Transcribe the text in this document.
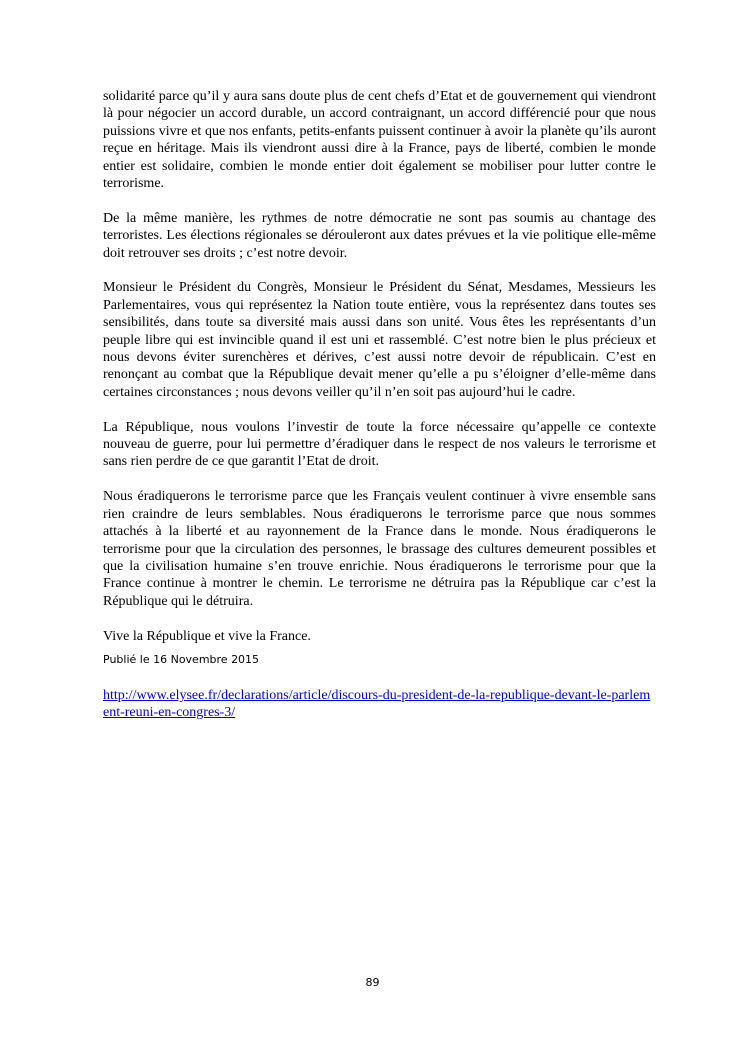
solidarité parce qu’il y aura sans doute plus de cent chefs d’Etat et de gouvernement qui viendront là pour négocier un accord durable, un accord contraignant, un accord différencié pour que nous puissions vivre et que nos enfants, petits-enfants puissent continuer à avoir la planète qu’ils auront reçue en héritage. Mais ils viendront aussi dire à la France, pays de liberté, combien le monde entier est solidaire, combien le monde entier doit également se mobiliser pour lutter contre le terrorisme.

De la même manière, les rythmes de notre démocratie ne sont pas soumis au chantage des terroristes. Les élections régionales se dérouleront aux dates prévues et la vie politique elle-même doit retrouver ses droits ; c’est notre devoir.

Monsieur le Président du Congrès, Monsieur le Président du Sénat, Mesdames, Messieurs les Parlementaires, vous qui représentez la Nation toute entière, vous la représentez dans toutes ses sensibilités, dans toute sa diversité mais aussi dans son unité. Vous êtes les représentants d’un peuple libre qui est invincible quand il est uni et rassemblé. C’est notre bien le plus précieux et nous devons éviter surenchères et dérives, c’est aussi notre devoir de républicain. C’est en renonçant au combat que la République devait mener qu’elle a pu s’éloigner d’elle-même dans certaines circonstances ; nous devons veiller qu’il n’en soit pas aujourd’hui le cadre.

La République, nous voulons l’investir de toute la force nécessaire qu’appelle ce contexte nouveau de guerre, pour lui permettre d’éradiquer dans le respect de nos valeurs le terrorisme et sans rien perdre de ce que garantit l’Etat de droit.

Nous éradiquerons le terrorisme parce que les Français veulent continuer à vivre ensemble sans rien craindre de leurs semblables. Nous éradiquerons le terrorisme parce que nous sommes attachés à la liberté et au rayonnement de la France dans le monde. Nous éradiquerons le terrorisme pour que la circulation des personnes, le brassage des cultures demeurent possibles et que la civilisation humaine s’en trouve enrichie. Nous éradiquerons le terrorisme pour que la France continue à montrer le chemin. Le terrorisme ne détruira pas la République car c’est la République qui le détruira.

Vive la République et vive la France.

Publié le 16 Novembre 2015
http://www.elysee.fr/declarations/article/discours-du-president-de-la-republique-devant-le-parlement-reuni-en-congres-3/
89
